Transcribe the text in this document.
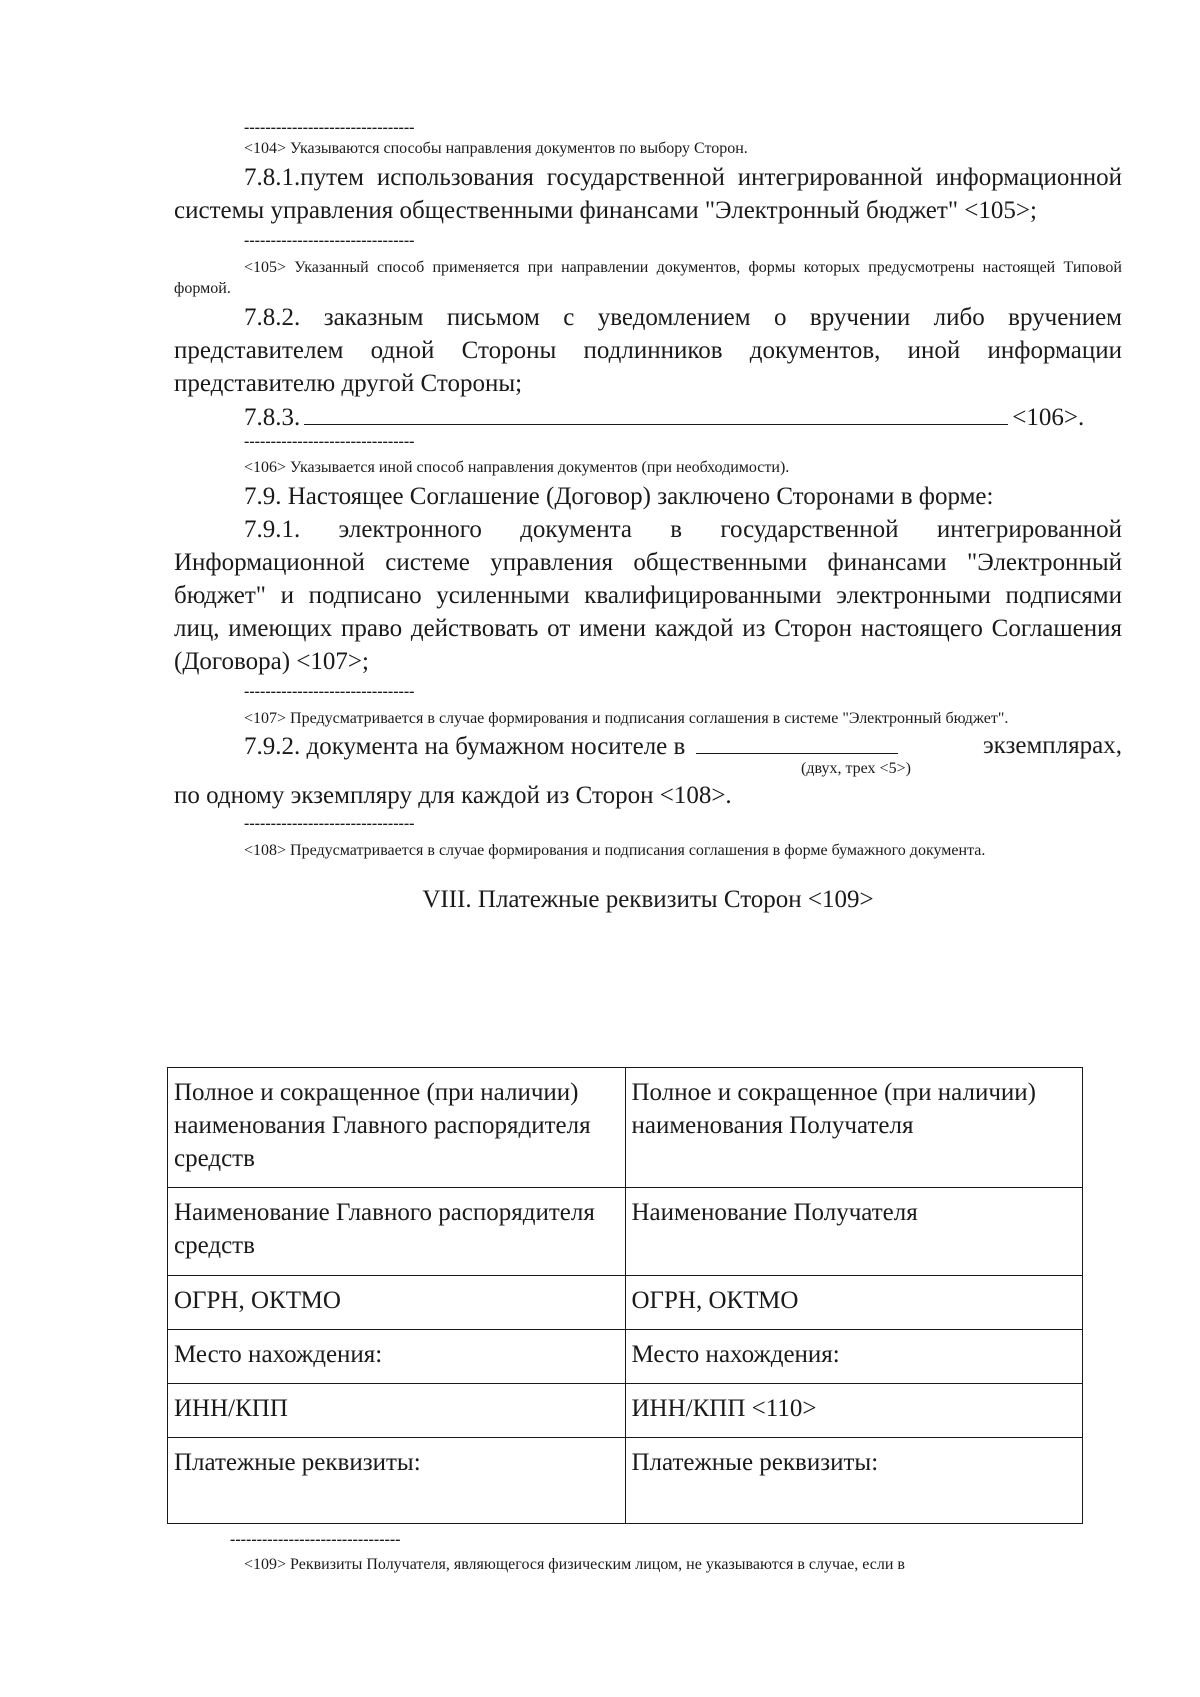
--------------------------------

<104> Указываются способы направления документов по выбору Сторон.

7.8.1.путем использования государственной интегрированной информационной системы управления общественными финансами "Электронный бюджет" <105>;

--------------------------------

<105> Указанный способ применяется при направлении документов, формы которых предусмотрены настоящей Типовой формой.

7.8.2. заказным письмом с уведомлением о вручении либо вручением представителем одной Стороны подлинников документов, иной информации представителю другой Стороны;

7.8.3.	<106>.
--------------------------------

<106> Указывается иной способ направления документов (при необходимости).

7.9. Настоящее Соглашение (Договор) заключено Сторонами в форме:

7.9.1. электронного документа в государственной интегрированной Информационной системе управления общественными финансами "Электронный бюджет" и подписано усиленными квалифицированными электронными подписями лиц, имеющих право действовать от имени каждой из Сторон настоящего Соглашения (Договора) <107>;

--------------------------------

<107> Предусматривается в случае формирования и подписания соглашения в системе "Электронный бюджет".

7.9.2. документа на бумажном носителе в	экземплярах,
(двух, трех <5>)

по одному экземпляру для каждой из Сторон <108>.

--------------------------------

<108> Предусматривается в случае формирования и подписания соглашения в форме бумажного документа.

VIII. Платежные реквизиты Сторон <109>
Полное и сокращенное (при наличии) наименования Главного распорядителя средств	Полное и сокращенное (при наличии) наименования Получателя
Наименование Главного распорядителя средств	Наименование Получателя
ОГРН, ОКТМО	ОГРН, ОКТМО
Место нахождения:	Место нахождения:
ИНН/КПП	ИНН/КПП <110>
Платежные реквизиты:	Платежные реквизиты:
--------------------------------

<109> Реквизиты Получателя, являющегося физическим лицом, не указываются в случае, если в
